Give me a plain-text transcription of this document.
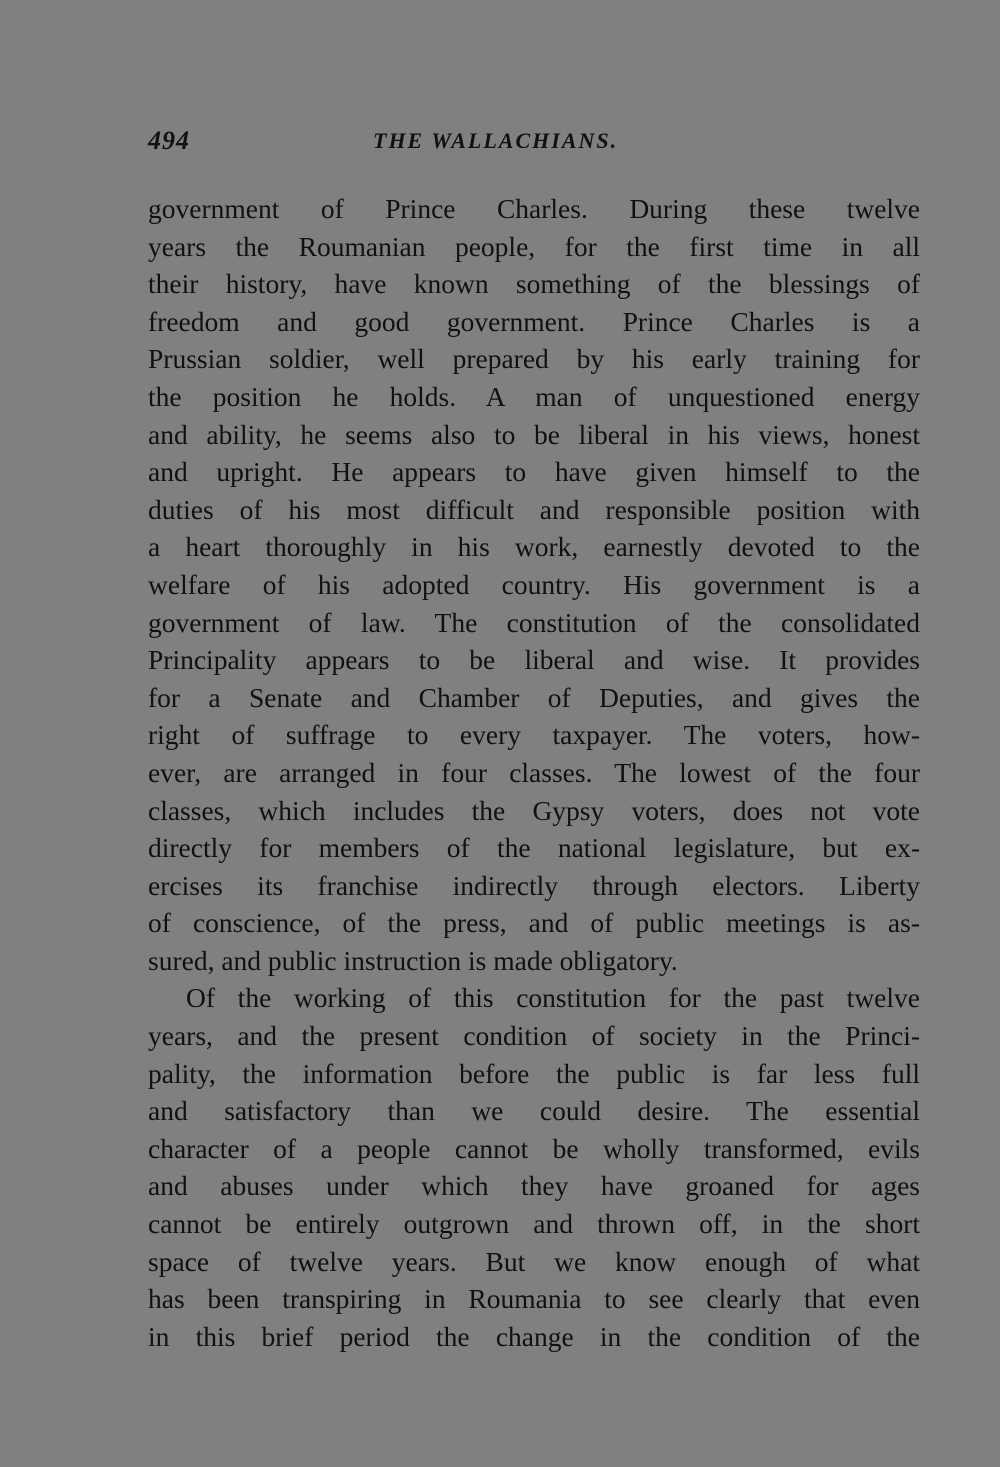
494	THE WALLACHIANS.
government of Prince Charles. During these twelve
years the Roumanian people, for the first time in all
their history, have known something of the blessings of
freedom and good government. Prince Charles is a
Prussian soldier, well prepared by his early training for
the position he holds. A man of unquestioned energy
and ability, he seems also to be liberal in his views, honest
and upright. He appears to have given himself to the
duties of his most difficult and responsible position with
a heart thoroughly in his work, earnestly devoted to the
welfare of his adopted country. His government is a
government of law. The constitution of the consolidated
Principality appears to be liberal and wise. It provides
for a Senate and Chamber of Deputies, and gives the
right of suffrage to every taxpayer. The voters, how-
ever, are arranged in four classes. The lowest of the four
classes, which includes the Gypsy voters, does not vote
directly for members of the national legislature, but ex-
ercises its franchise indirectly through electors. Liberty
of conscience, of the press, and of public meetings is as-
sured, and public instruction is made obligatory.
Of the working of this constitution for the past twelve
years, and the present condition of society in the Princi-
pality, the information before the public is far less full
and satisfactory than we could desire. The essential
character of a people cannot be wholly transformed, evils
and abuses under which they have groaned for ages
cannot be entirely outgrown and thrown off, in the short
space of twelve years. But we know enough of what
has been transpiring in Roumania to see clearly that even
in this brief period the change in the condition of the
